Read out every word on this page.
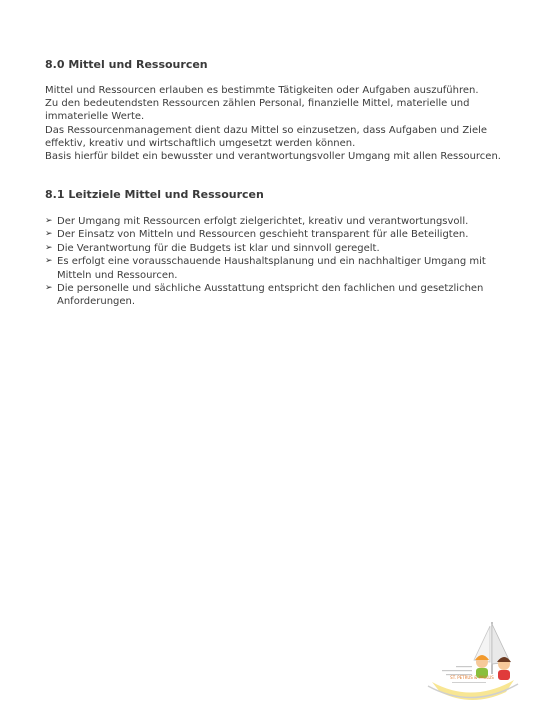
8.0 Mittel und Ressourcen

Mittel und Ressourcen erlauben es bestimmte Tätigkeiten oder Aufgaben auszuführen.
Zu den bedeutendsten Ressourcen zählen Personal, finanzielle Mittel, materielle und
immaterielle Werte.
Das Ressourcenmanagement dient dazu Mittel so einzusetzen, dass Aufgaben und Ziele
effektiv, kreativ und wirtschaftlich umgesetzt werden können.
Basis hierfür bildet ein bewusster und verantwortungsvoller Umgang mit allen Ressourcen.

8.1 Leitziele Mittel und Ressourcen
➢ Der Umgang mit Ressourcen erfolgt zielgerichtet, kreativ und verantwortungsvoll.
➢ Der Einsatz von Mitteln und Ressourcen geschieht transparent für alle Beteiligten.
➢ Die Verantwortung für die Budgets ist klar und sinnvoll geregelt.
➢ Es erfolgt eine vorausschauende Haushaltsplanung und ein nachhaltiger Umgang mit Mitteln und Ressourcen.
➢ Die personelle und sächliche Ausstattung entspricht den fachlichen und gesetzlichen Anforderungen.
ST. PETRUS & PAULUS
